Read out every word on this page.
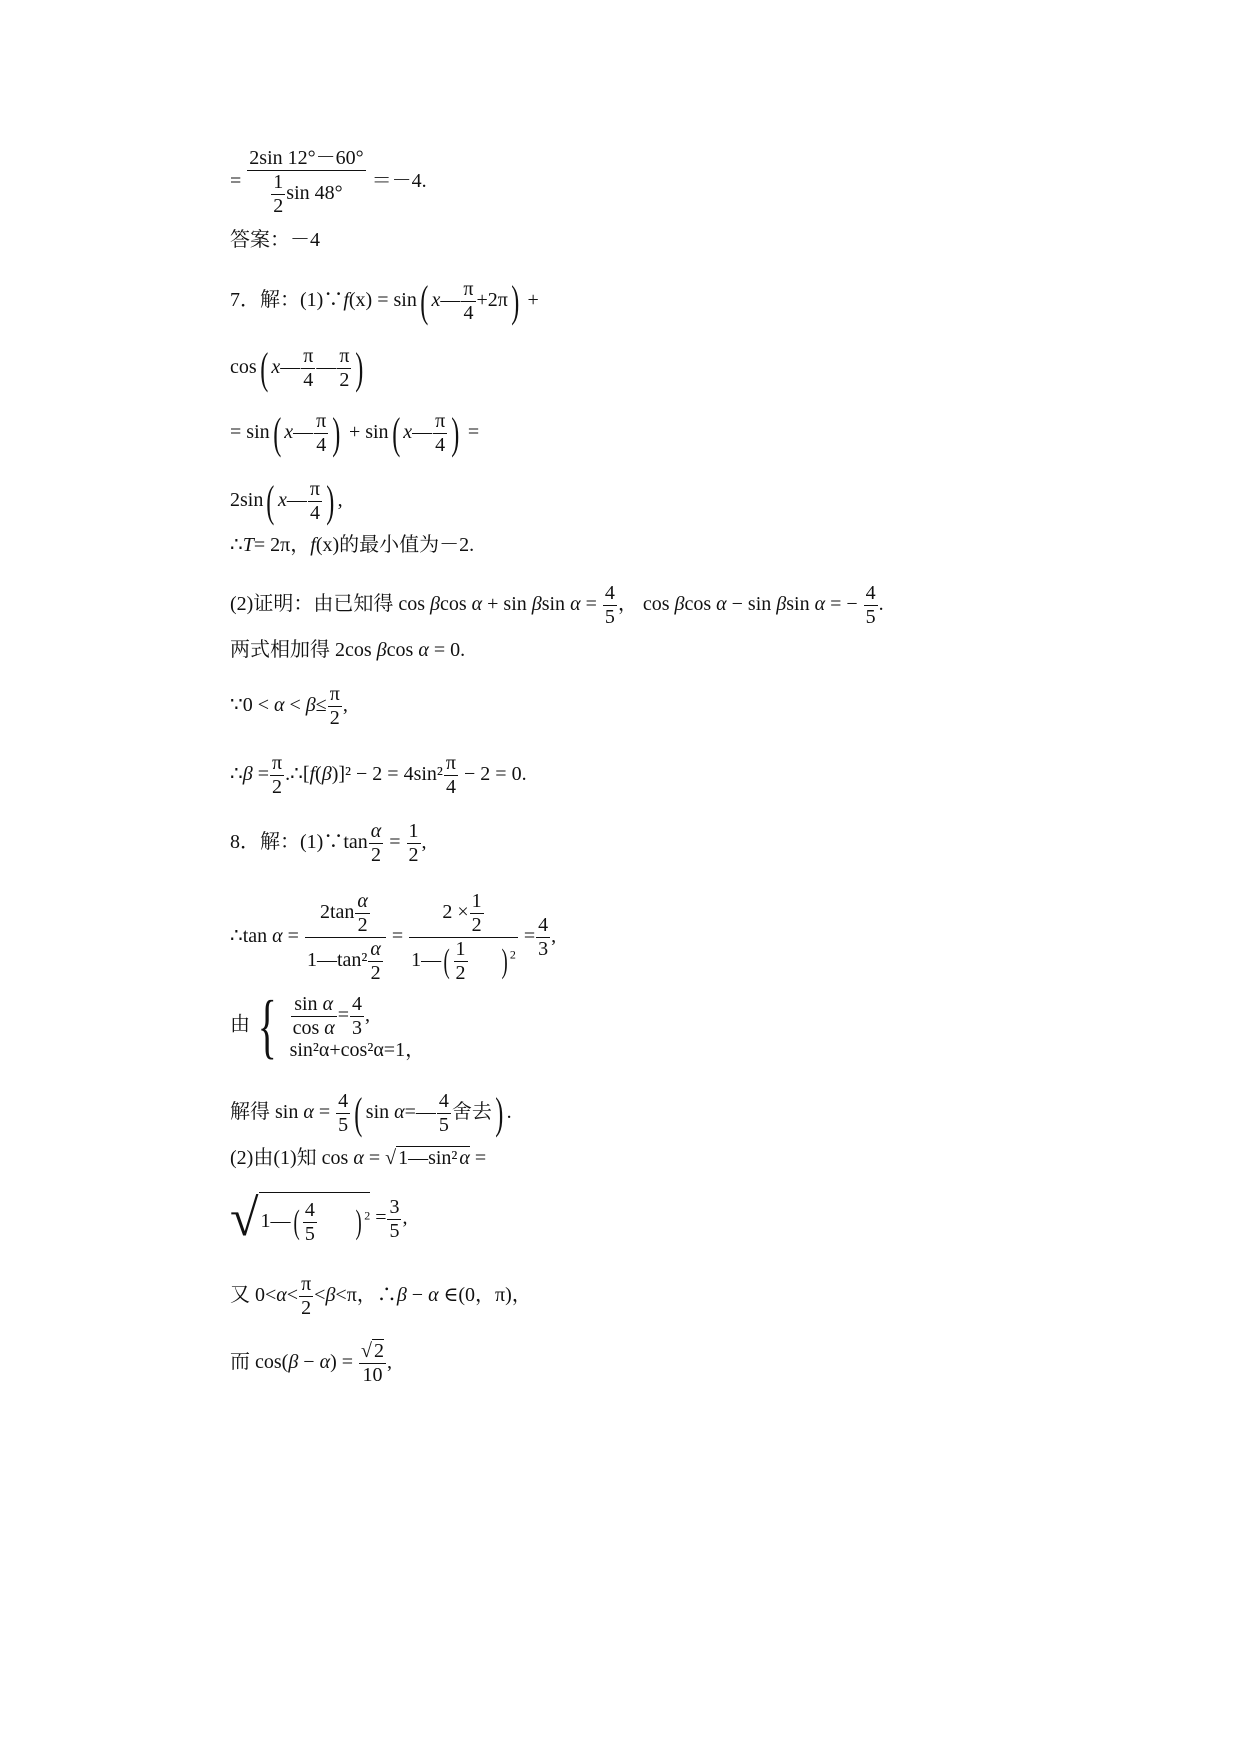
= $\frac{2\sin 12^\circ-60^\circ}{\frac{1}{2} \sin 48^\circ} =-4$.
答案：－4
7．解：(1)∵f(x) = sin( x— $\frac{\pi}{4} +2\pi$) +
cos( x— $\frac{\pi}{4}$ — $\frac{\pi}{2}$ )
= sin( x— $\frac{\pi}{4}$ ) + sin( x— $\frac{\pi}{4}$ ) =
2sin( x— $\frac{\pi}{4}$ ) ,
∴T= 2π，f(x)的最小值为－2.
(2)证明：由已知得 cos βcos α + sin βsin $\alpha = \frac{4}{5}$ ， cos βcos α − sin βsin α = − $\frac{4}{5}$ .
两式相加得 2cos βcos α = 0.
∵0 < $\alpha < \beta\le \frac{\pi}{2}$ ,
∴β = $\frac{\pi}{2}$ .∴[f(β)]² − $2 = 4\sin^2 \frac{\pi}{4} - 2 = 0$.
8．解：(1)∵tan $\frac{\alpha}{2} = \frac{1}{2}$ ,
∴tan $\alpha = \frac{2\tan \frac{\alpha}{2}}{1—\tan^2 \frac{\alpha}{2}} = \frac{2 \times \frac{1}{2}}{1—( \frac{1}{2} ) ^2} = \frac{4}{3}$ ,
由 { $\frac{\text{sin α}}{\text{cos α}} = \frac{4}{3}$ ,
sin²α+cos²α=1，
解得 $\sin \alpha = \frac{4}{5}$ ( sin α=— $\frac{4}{5}$ 舍去) .
(2)由(1)知 cos α = √ 1—sin² α =
√ 1—( $\frac{4}{5}$ ) $^2 = \frac{3}{5}$ ,
又 $0<\alpha< \frac{\pi}{2} <\beta<\pi$，∴β − α ∈(0，π)，
而 $\cos(\beta - \alpha) = \frac{√ 2}{10}$ ,
